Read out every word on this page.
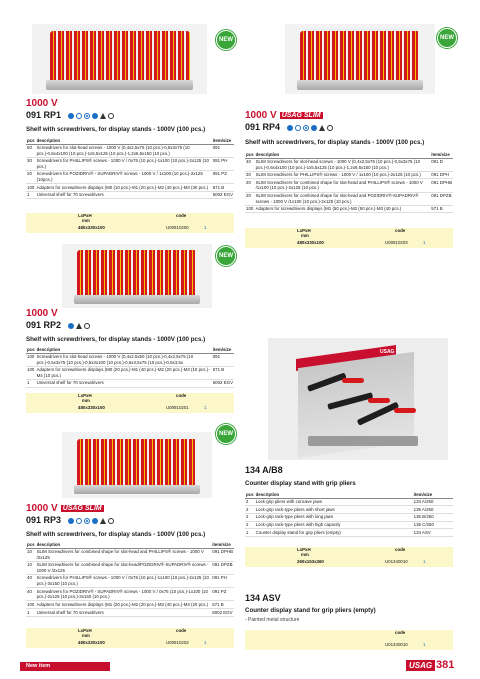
NEW
1000 V
091 RP1
Shelf with screwdrivers, for display stands - 1000V (100 pcs.)
pcs	description	item/size
50	Screwdrivers for slot-head screws - 1000 V (0,4x2,5x75 (10 pcs.)-0,5x3x75 (10 pcs.)-0,6x4x100 (10 pcs.)-1x5,5x125 (10 pcs.)-1,2x6,5x150 (10 pcs.)	091
30	Screwdrivers for PHILLIPS® screws - 1000 V / 0x75 (10 pcs.)-1x100 (10 pcs.)-2x125 (10 pcs.)	091 PH
20	Screwdrivers for POZIDRIV® - SUPADRIV® screws - 1000 V / 1x100 (10 pcs.)-2x125 (10pcs.)	091 PZ
100	Adapters for screwdrivers displays (M0 (10 pcs.)-M1 (20 pcs.)-M2 (40 pcs.)-M3 (30 pcs.)	571 B
1	Universal shelf for 70 screwdrivers	6002 EGV
LxPxH
mm
code
480x330x100	U00910200	1
NEW
1000 V USAG SLIM
091 RP4
Shelf with screwdrivers, for display stands - 1000V (100 pcs.)
pcs	description	item/size
40	SLIM Screwdrivers for slot-head screws - 1000 V (0,4x2,5x75 (10 pcs.)-0,5x3x75 (10 pcs.)-0,6x4x100 (10 pcs.)-1x5,5x125 (10 pcs.)-1,2x6,5x150 (10 pcs.)	091 D
30	SLIM Screwdrivers for PHILLIPS® screws - 1000 V / 1x100 (10 pcs.)-2x125 (10 pcs.)	091 DPH
20	SLIM Screwdrivers for combined shape for slot-head and PHILLIPS® screws - 1000 V /1x100 (10 pcs.)-2x125 (10 pcs.)	091 DPHB
20	SLIM Screwdrivers for combined shape for slot-head and POZIDRIV®-SUPADRIV® screws - 1000 V /1x100 (10 pcs.)-2x125 (10 pcs.)	091 DPZB
100	Adapters for screwdrivers displays (M1 (50 pcs.)-M2 (50 pcs.)-M3 (40 pcs.)	571 B
LxPxH
mm
code
480x330x100	U00910203	1
NEW
1000 V
091 RP2
Shelf with screwdrivers, for display stands - 1000V (100 pcs.)
pcs	description	item/size
100	Screwdrivers for slot-head screws - 1000 V (0,4x2,5x50 (10 pcs.)-0,4x2,5x75 (10 pcs.)-0,5x3x75 (10 pcs.)-0,5x3x100 (10 pcs.)-0,6x3,5x75 (10 pcs.)-0,6x3,5x	091
100	Adapters for screwdrivers displays (M0 (20 pcs.)-M1 (40 pcs.)-M2 (20 pcs.)-M3 (10 pcs.)-M4 (10 pcs.)	571 B
1	Universal shelf for 70 screwdrivers	6002 EGV
LxPxH
mm
code
480x330x100	U00910201	1
NEW
1000 V USAG SLIM
091 RP3
Shelf with screwdrivers, for display stands - 1000V (100 pcs.)
pcs	description	item/size
10	SLIM Screwdrivers for combined shape for slot-head and PHILLIPS® screws - 1000 V /2x125	091 DPHB
10	SLIM Screwdrivers for combined shape for slot-head/POZIDRIV®-SUPADRIV® screws - 1000 V /2x125	091 DPZB
40	Screwdrivers for PHILLIPS® screws - 1000 V / 0x75 (10 pcs.)-1x100 (10 pcs.)-2x125 (10 pcs.)-3x150 (10 pcs.)	091 PH
40	Screwdrivers for POZIDRIV® - SUPADRIV® screws - 1000 V / 0x75 (10 pcs.)-1x100 (10 pcs.)-2x125 (10 pcs.)-3x150 (10 pcs.)	091 PZ
100	Adapters for screwdrivers displays (M1 (20 pcs.)-M2 (20 pcs.)-M3 (40 pcs.)-M4 (20 pcs.)	571 B
1	Universal shelf for 70 screwdrivers	6002 EGV
LxPxH
mm
code
480x330x100	U00910202	1
USAG
134 A/B8
Counter display stand with grip pliers
pcs	description	item/size
2	Lock-grip pliers with concave jaws	134 A/250
2	Lock-grip rack-type pliers with short jaws	135 A/250
2	Lock-grip rack-type pliers with long jaws	135 B/250
2	Lock-grip rack-type pliers with high capacity	135 C/250
1	Counter display stand for grip pliers (empty)	134 ASV
LxPxH
mm
code
260x153x360	U01340010	1
134 ASV
Counter display stand for grip pliers (empty)
- Painted metal structure
code
U01340010	1
New item	USAG 381
